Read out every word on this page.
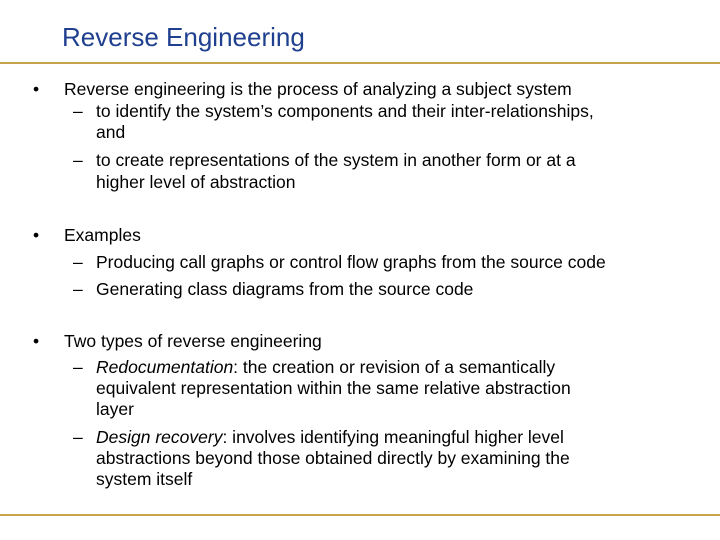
Reverse Engineering
• Reverse engineering is the process of analyzing a subject system
– to identify the system’s components and their inter-relationships,
and
– to create representations of the system in another form or at a
higher level of abstraction
• Examples
– Producing call graphs or control flow graphs from the source code
– Generating class diagrams from the source code
• Two types of reverse engineering
– Redocumentation: the creation or revision of a semantically
equivalent representation within the same relative abstraction
layer
– Design recovery: involves identifying meaningful higher level
abstractions beyond those obtained directly by examining the
system itself
